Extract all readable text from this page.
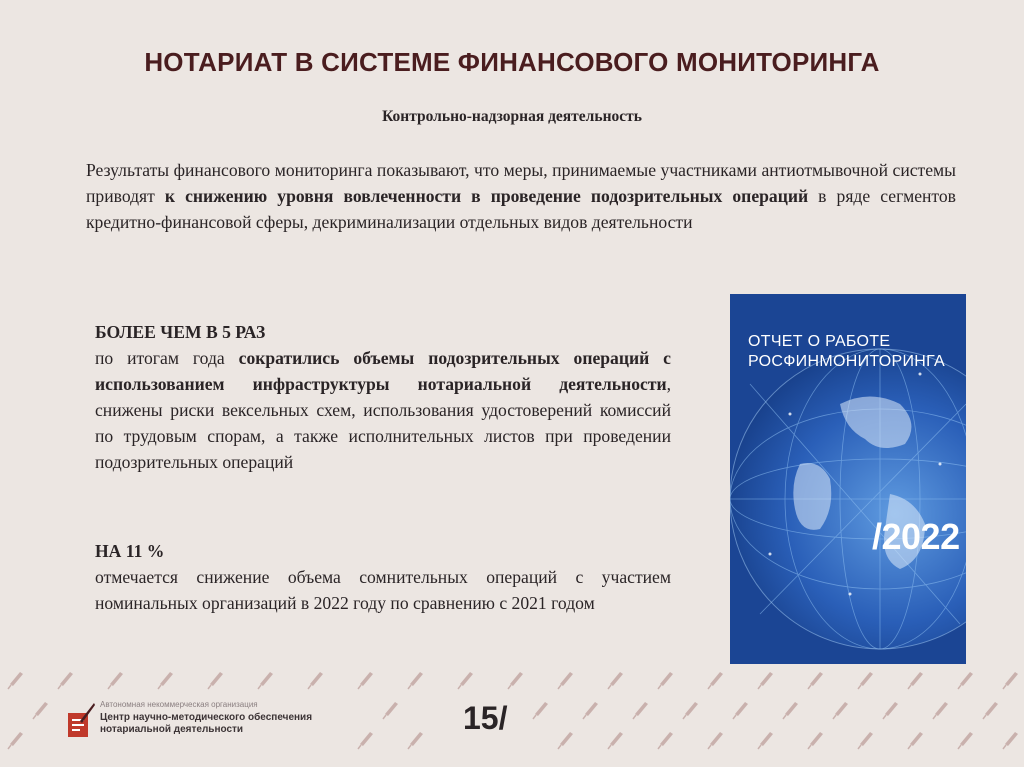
НОТАРИАТ В СИСТЕМЕ ФИНАНСОВОГО МОНИТОРИНГА
Контрольно-надзорная деятельность
Результаты финансового мониторинга показывают, что меры, принимаемые участниками антиотмывочной системы приводят к снижению уровня вовлеченности в проведение подозрительных операций в ряде сегментов кредитно-финансовой сферы, декриминализации отдельных видов деятельности
БОЛЕЕ ЧЕМ В 5 РАЗ
по итогам года сократились объемы подозрительных операций с использованием инфраструктуры нотариальной деятельности, снижены риски вексельных схем, использования удостоверений комиссий по трудовым спорам, а также исполнительных листов при проведении подозрительных операций
НА 11 %
отмечается снижение объема сомнительных операций с участием номинальных организаций в 2022 году по сравнению с 2021 годом
ОТЧЕТ О РАБОТЕ
РОСФИНМОНИТОРИНГА
/2022
Автономная некоммерческая организация
Центр научно-методического обеспечения
нотариальной деятельности	15/
